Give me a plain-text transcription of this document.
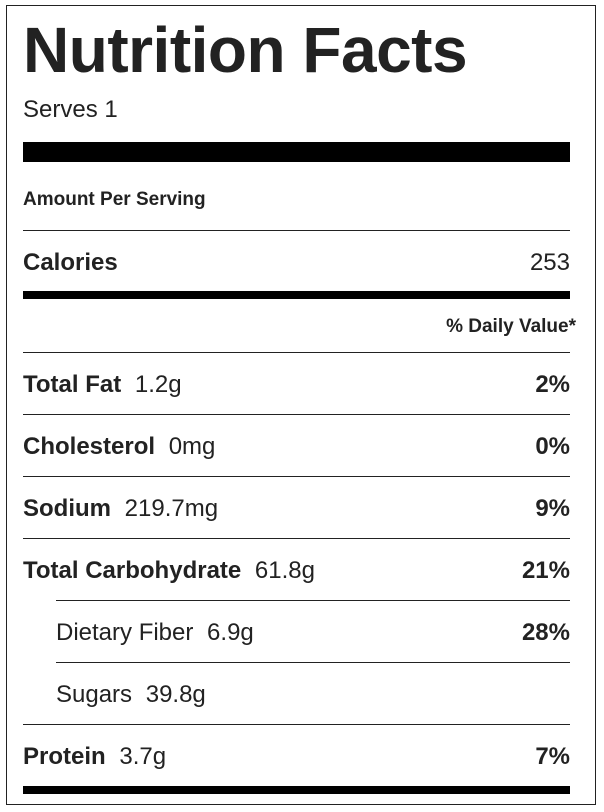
Nutrition Facts
Serves 1
Amount Per Serving
Calories	253
% Daily Value*
Total Fat 1.2g	2%
Cholesterol 0mg	0%
Sodium 219.7mg	9%
Total Carbohydrate 61.8g	21%
Dietary Fiber 6.9g	28%
Sugars 39.8g
Protein 3.7g	7%
